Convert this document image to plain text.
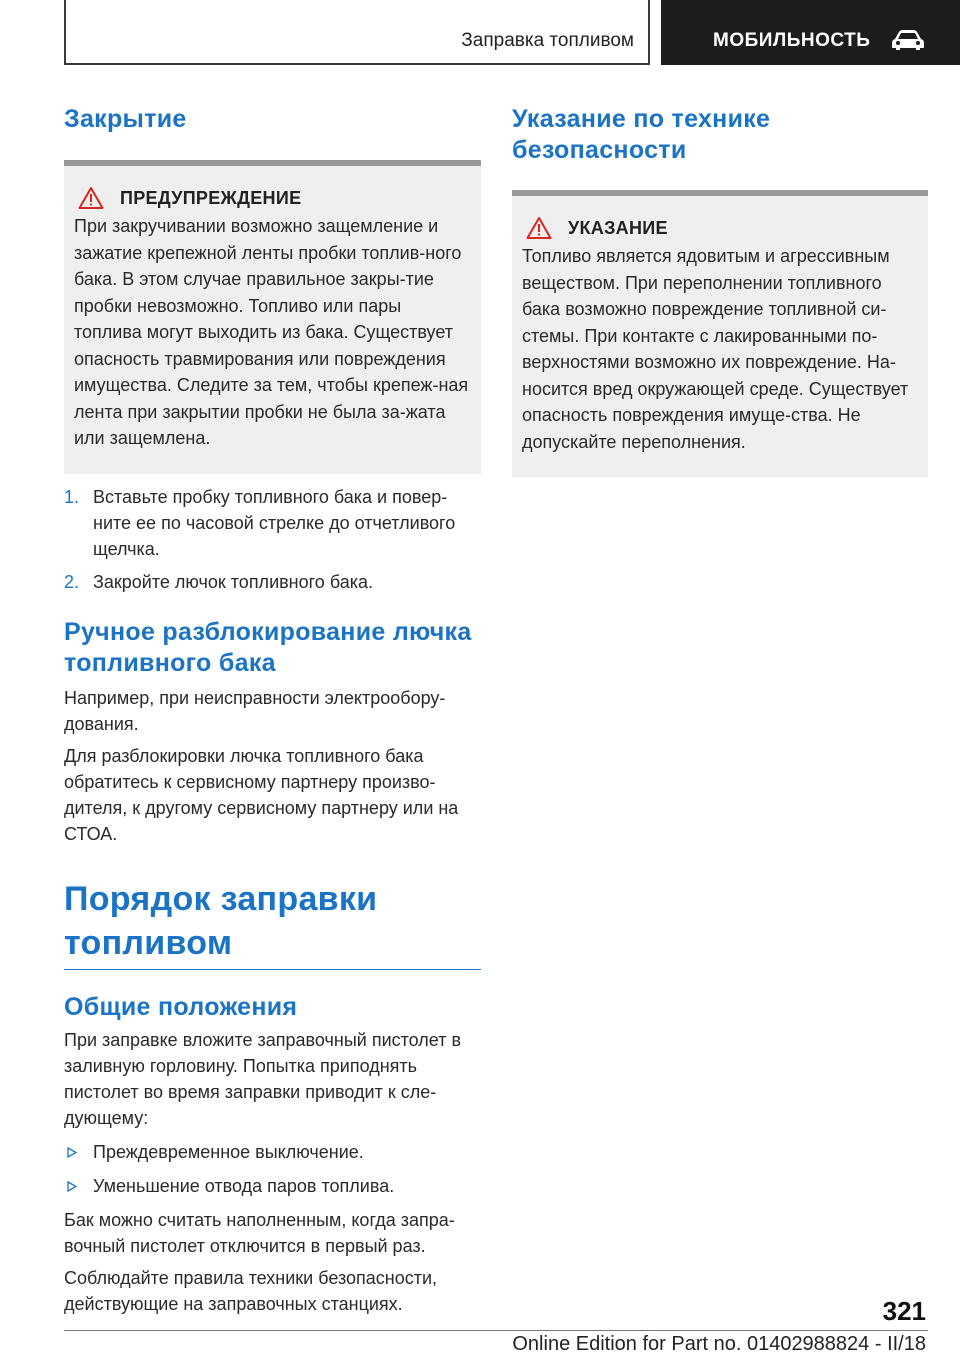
Заправка топливом	МОБИЛЬНОСТЬ
Закрытие
ПРЕДУПРЕЖДЕНИЕ

При закручивании возможно защемление и зажатие крепежной ленты пробки топлив-ного бака. В этом случае правильное закры-тие пробки невозможно. Топливо или пары топлива могут выходить из бака. Существует опасность травмирования или повреждения имущества. Следите за тем, чтобы крепеж-ная лента при закрытии пробки не была за-жата или защемлена.

1. Вставьте пробку топливного бака и повер-ните ее по часовой стрелке до отчетливого щелчка.
2. Закройте лючок топливного бака.
Ручное разблокирование лючка топливного бака

Например, при неисправности электрообору-дования.

Для разблокировки лючка топливного бака обратитесь к сервисному партнеру произво-дителя, к другому сервисному партнеру или на СТОА.

Порядок заправки топливом
Общие положения

При заправке вложите заправочный пистолет в заливную горловину. Попытка приподнять пистолет во время заправки приводит к сле-дующему:

Преждевременное выключение.
Уменьшение отвода паров топлива.

Бак можно считать наполненным, когда запра-вочный пистолет отключится в первый раз.

Соблюдайте правила техники безопасности, действующие на заправочных станциях.

Указание по технике безопасности
УКАЗАНИЕ

Топливо является ядовитым и агрессивным веществом. При переполнении топливного бака возможно повреждение топливной си-стемы. При контакте с лакированными по-верхностями возможно их повреждение. На-носится вред окружающей среде. Существует опасность повреждения имуще-ства. Не допускайте переполнения.

321
Online Edition for Part no. 01402988824 - II/18
